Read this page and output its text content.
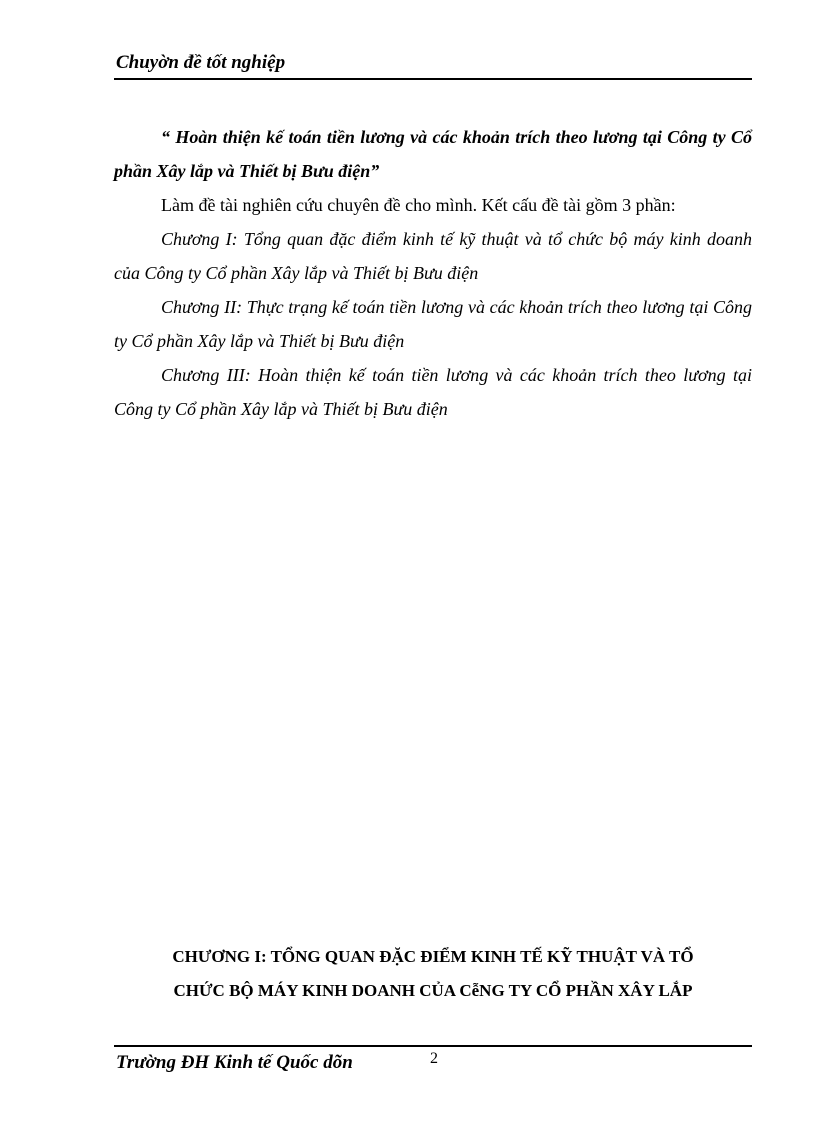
Chuyờn đề tốt nghiệp

“ Hoàn thiện kế toán tiền lương và các khoản trích theo lương tại Công ty Cổ phần Xây lắp và Thiết bị Bưu điện”

Làm đề tài nghiên cứu chuyên đề cho mình. Kết cấu đề tài gồm 3 phần:

Chương I: Tổng quan đặc điểm kinh tế kỹ thuật và tổ chức bộ máy kinh doanh của Công ty Cổ phần Xây lắp và Thiết bị Bưu điện

Chương II: Thực trạng kế toán tiền lương và các khoản trích theo lương tại Công ty Cổ phần Xây lắp và Thiết bị Bưu điện

Chương III: Hoàn thiện kế toán tiền lương và các khoản trích theo lương tại Công ty Cổ phần Xây lắp và Thiết bị Bưu điện

CHƯƠNG I: TỔNG QUAN ĐẶC ĐIỂM KINH TẾ KỸ THUẬT VÀ TỔ
CHỨC BỘ MÁY KINH DOANH CỦA CễNG TY CỔ PHẦN XÂY LẮP
Trường ĐH Kinh tế Quốc dõn	2
